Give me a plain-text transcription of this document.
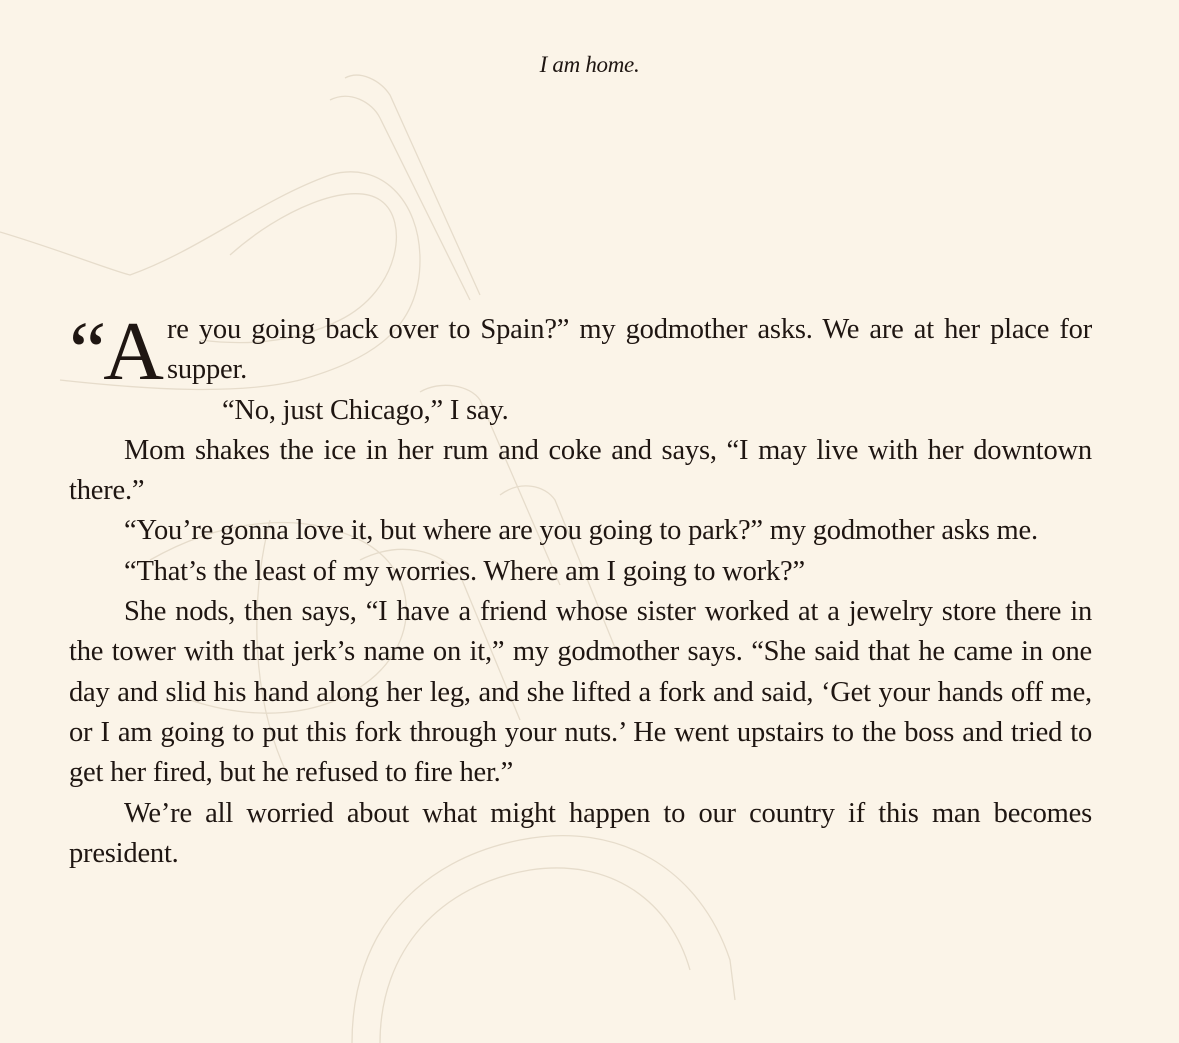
I am home.

“Are you going back over to Spain?” my godmother asks. We are at her place for supper.

“No, just Chicago,” I say.

Mom shakes the ice in her rum and coke and says, “I may live with her downtown there.”

“You’re gonna love it, but where are you going to park?” my godmother asks me.

“That’s the least of my worries. Where am I going to work?”

She nods, then says, “I have a friend whose sister worked at a jewelry store there in the tower with that jerk’s name on it,” my godmother says. “She said that he came in one day and slid his hand along her leg, and she lifted a fork and said, ‘Get your hands off me, or I am going to put this fork through your nuts.’ He went upstairs to the boss and tried to get her fired, but he refused to fire her.”

We’re all worried about what might happen to our country if this man becomes president.
